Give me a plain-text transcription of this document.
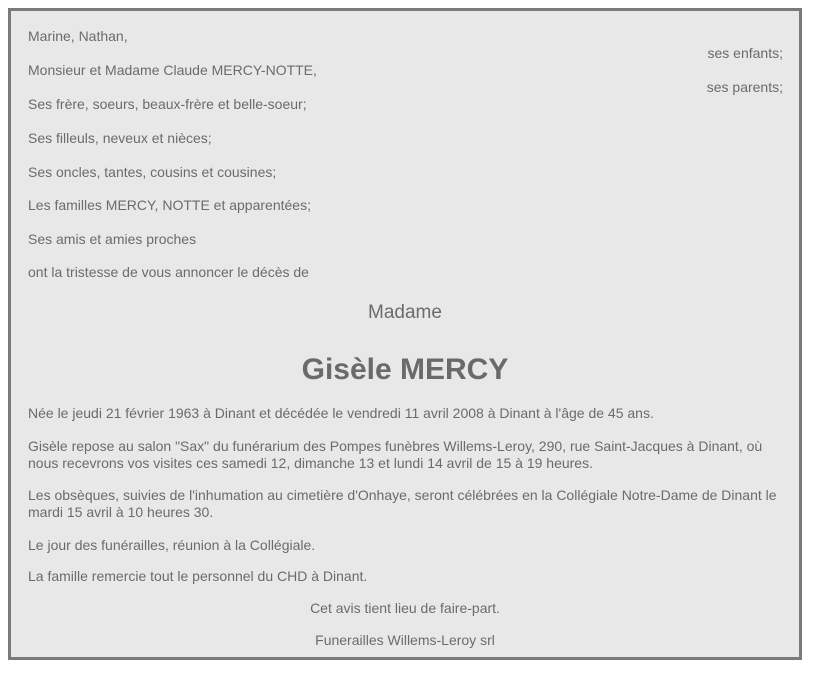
Marine, Nathan,
ses enfants;
Monsieur et Madame Claude MERCY-NOTTE,
ses parents;
Ses frère, soeurs, beaux-frère et belle-soeur;
Ses filleuls, neveux et nièces;
Ses oncles, tantes, cousins et cousines;
Les familles MERCY, NOTTE et apparentées;
Ses amis et amies proches
ont la tristesse de vous annoncer le décès de
Madame
Gisèle MERCY
Née le jeudi 21 février 1963 à Dinant et décédée le vendredi 11 avril 2008 à Dinant à l'âge de 45 ans.
Gisèle repose au salon "Sax" du funérarium des Pompes funèbres Willems-Leroy, 290, rue Saint-Jacques à Dinant, où nous recevrons vos visites ces samedi 12, dimanche 13 et lundi 14 avril de 15 à 19 heures.
Les obsèques, suivies de l'inhumation au cimetière d'Onhaye, seront célébrées en la Collégiale Notre-Dame de Dinant le mardi 15 avril à 10 heures 30.
Le jour des funérailles, réunion à la Collégiale.
La famille remercie tout le personnel du CHD à Dinant.
Cet avis tient lieu de faire-part.
Funerailles Willems-Leroy srl
